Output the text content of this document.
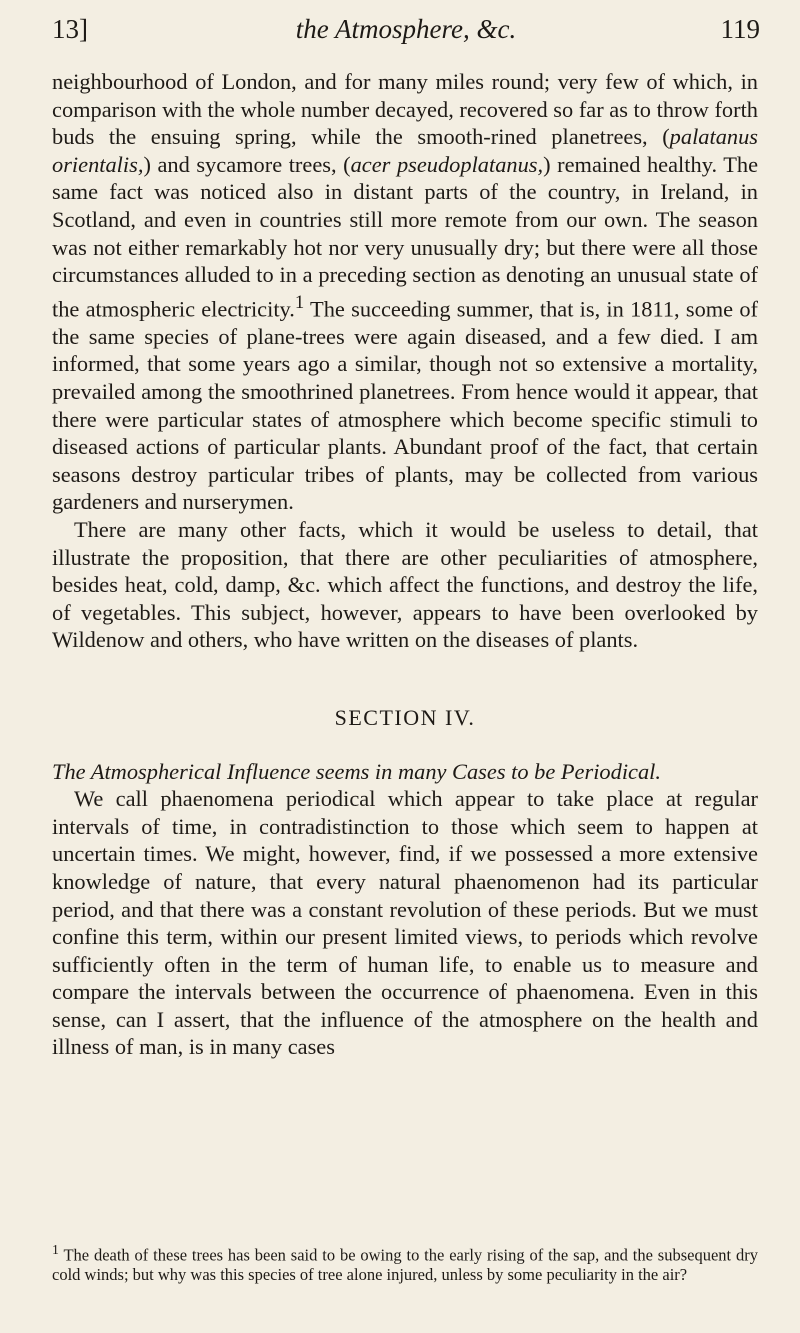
13]	the Atmosphere, &c.	119

neighbourhood of London, and for many miles round; very few of which, in comparison with the whole number decayed, recovered so far as to throw forth buds the ensuing spring, while the smooth-rined planetrees, (palatanus orientalis,) and sycamore trees, (acer pseudoplatanus,) remained healthy. The same fact was noticed also in distant parts of the country, in Ireland, in Scotland, and even in countries still more remote from our own. The season was not either remarkably hot nor very unusually dry; but there were all those circumstances alluded to in a preceding section as denoting an unusual state of the atmospheric electricity.$^1$ The succeeding summer, that is, in 1811, some of the same species of plane-trees were again diseased, and a few died. I am informed, that some years ago a similar, though not so extensive a mortality, prevailed among the smoothrined planetrees. From hence would it appear, that there were particular states of atmosphere which become specific stimuli to diseased actions of particular plants. Abundant proof of the fact, that certain seasons destroy particular tribes of plants, may be collected from various gardeners and nurserymen.

There are many other facts, which it would be useless to detail, that illustrate the proposition, that there are other peculiarities of atmosphere, besides heat, cold, damp, &c. which affect the functions, and destroy the life, of vegetables. This subject, however, appears to have been overlooked by Wildenow and others, who have written on the diseases of plants.

SECTION IV.

The Atmospherical Influence seems in many Cases to be Periodical.

We call phaenomena periodical which appear to take place at regular intervals of time, in contradistinction to those which seem to happen at uncertain times. We might, however, find, if we possessed a more extensive knowledge of nature, that every natural phaenomenon had its particular period, and that there was a constant revolution of these periods. But we must confine this term, within our present limited views, to periods which revolve sufficiently often in the term of human life, to enable us to measure and compare the intervals between the occurrence of phaenomena. Even in this sense, can I assert, that the influence of the atmosphere on the health and illness of man, is in many cases

$^1$ The death of these trees has been said to be owing to the early rising of the sap, and the subsequent dry cold winds; but why was this species of tree alone injured, unless by some peculiarity in the air?
